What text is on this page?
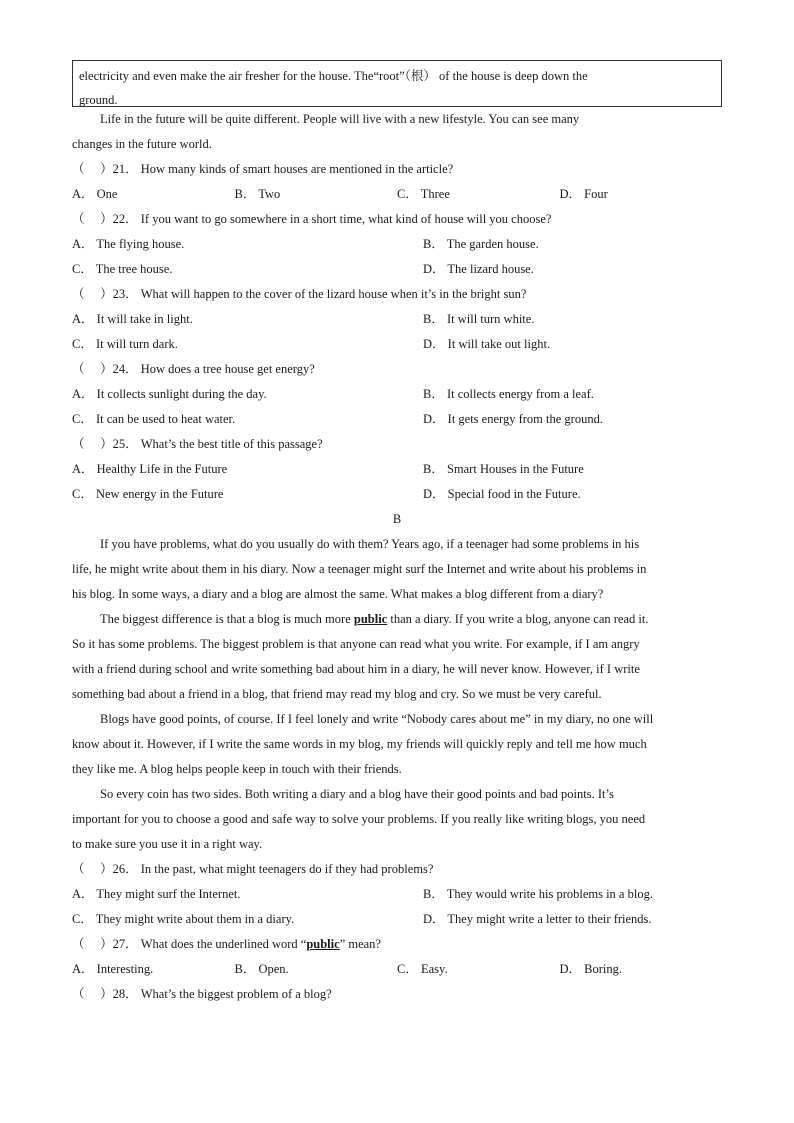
electricity and even make the air fresher for the house. The“root”（根） of the house is deep down the
ground.
Life in the future will be quite different. People will live with a new lifestyle. You can see many
changes in the future world.
（　 ）21． How many kinds of smart houses are mentioned in the article?
A． One	B． Two	C． Three	D． Four
（　 ）22． If you want to go somewhere in a short time, what kind of house will you choose?
A． The flying house.	B． The garden house.
C． The tree house.	D． The lizard house.
（　 ）23． What will happen to the cover of the lizard house when it’s in the bright sun?
A． It will take in light.	B． It will turn white.
C． It will turn dark.	D． It will take out light.
（　 ）24． How does a tree house get energy?
A． It collects sunlight during the day.	B． It collects energy from a leaf.
C． It can be used to heat water.	D． It gets energy from the ground.
（　 ）25． What’s the best title of this passage?
A． Healthy Life in the Future	B． Smart Houses in the Future
C． New energy in the Future	D． Special food in the Future.
B
If you have problems, what do you usually do with them? Years ago, if a teenager had some problems in his
life, he might write about them in his diary. Now a teenager might surf the Internet and write about his problems in
his blog. In some ways, a diary and a blog are almost the same. What makes a blog different from a diary?
The biggest difference is that a blog is much more public than a diary. If you write a blog, anyone can read it.
So it has some problems. The biggest problem is that anyone can read what you write. For example, if I am angry
with a friend during school and write something bad about him in a diary, he will never know. However, if I write
something bad about a friend in a blog, that friend may read my blog and cry. So we must be very careful.
Blogs have good points, of course. If I feel lonely and write “Nobody cares about me” in my diary, no one will
know about it. However, if I write the same words in my blog, my friends will quickly reply and tell me how much
they like me. A blog helps people keep in touch with their friends.
So every coin has two sides. Both writing a diary and a blog have their good points and bad points. It’s
important for you to choose a good and safe way to solve your problems. If you really like writing blogs, you need
to make sure you use it in a right way.
（　 ）26． In the past, what might teenagers do if they had problems?
A． They might surf the Internet.	B． They would write his problems in a blog.
C． They might write about them in a diary.	D． They might write a letter to their friends.
（　 ）27． What does the underlined word “public” mean?
A． Interesting.	B． Open.	C． Easy.	D． Boring.
（　 ）28． What’s the biggest problem of a blog?
